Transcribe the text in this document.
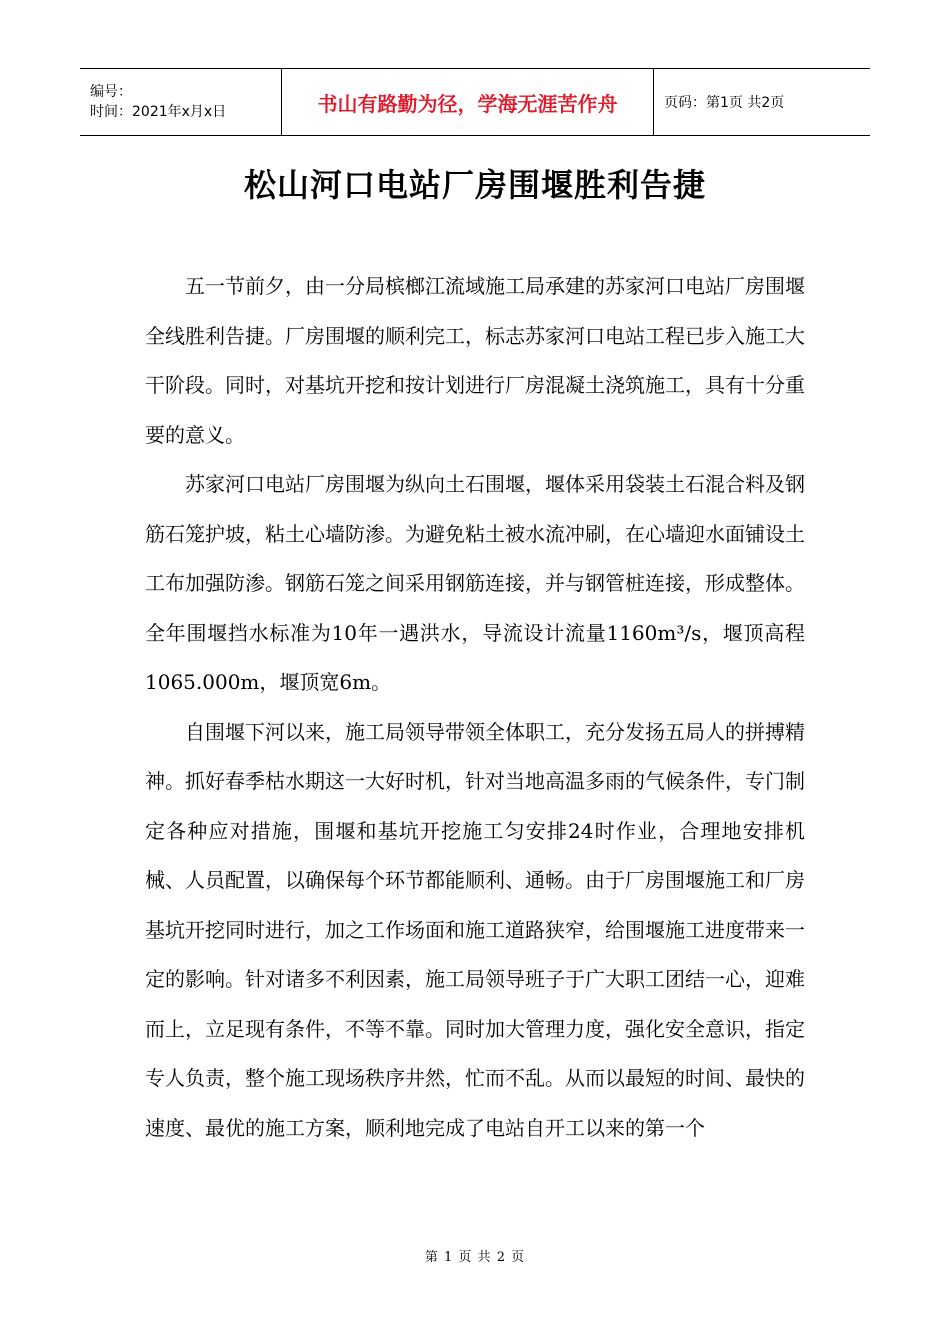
编号：
时间：2021年x月x日	书山有路勤为径，学海无涯苦作舟	页码：第1页 共2页
松山河口电站厂房围堰胜利告捷

五一节前夕，由一分局槟榔江流域施工局承建的苏家河口电站厂房围堰全线胜利告捷。厂房围堰的顺利完工，标志苏家河口电站工程已步入施工大干阶段。同时，对基坑开挖和按计划进行厂房混凝土浇筑施工，具有十分重要的意义。

苏家河口电站厂房围堰为纵向土石围堰，堰体采用袋装土石混合料及钢筋石笼护坡，粘土心墙防渗。为避免粘土被水流冲刷，在心墙迎水面铺设土工布加强防渗。钢筋石笼之间采用钢筋连接，并与钢管桩连接，形成整体。全年围堰挡水标准为10年一遇洪水，导流设计流量1160m³/s，堰顶高程1065.000m，堰顶宽6m。

自围堰下河以来，施工局领导带领全体职工，充分发扬五局人的拼搏精神。抓好春季枯水期这一大好时机，针对当地高温多雨的气候条件，专门制定各种应对措施，围堰和基坑开挖施工匀安排24时作业，合理地安排机械、人员配置，以确保每个环节都能顺利、通畅。由于厂房围堰施工和厂房基坑开挖同时进行，加之工作场面和施工道路狭窄，给围堰施工进度带来一定的影响。针对诸多不利因素，施工局领导班子于广大职工团结一心，迎难而上，立足现有条件，不等不靠。同时加大管理力度，强化安全意识，指定专人负责，整个施工现场秩序井然，忙而不乱。从而以最短的时间、最快的速度、最优的施工方案，顺利地完成了电站自开工以来的第一个

第 1 页 共 2 页
